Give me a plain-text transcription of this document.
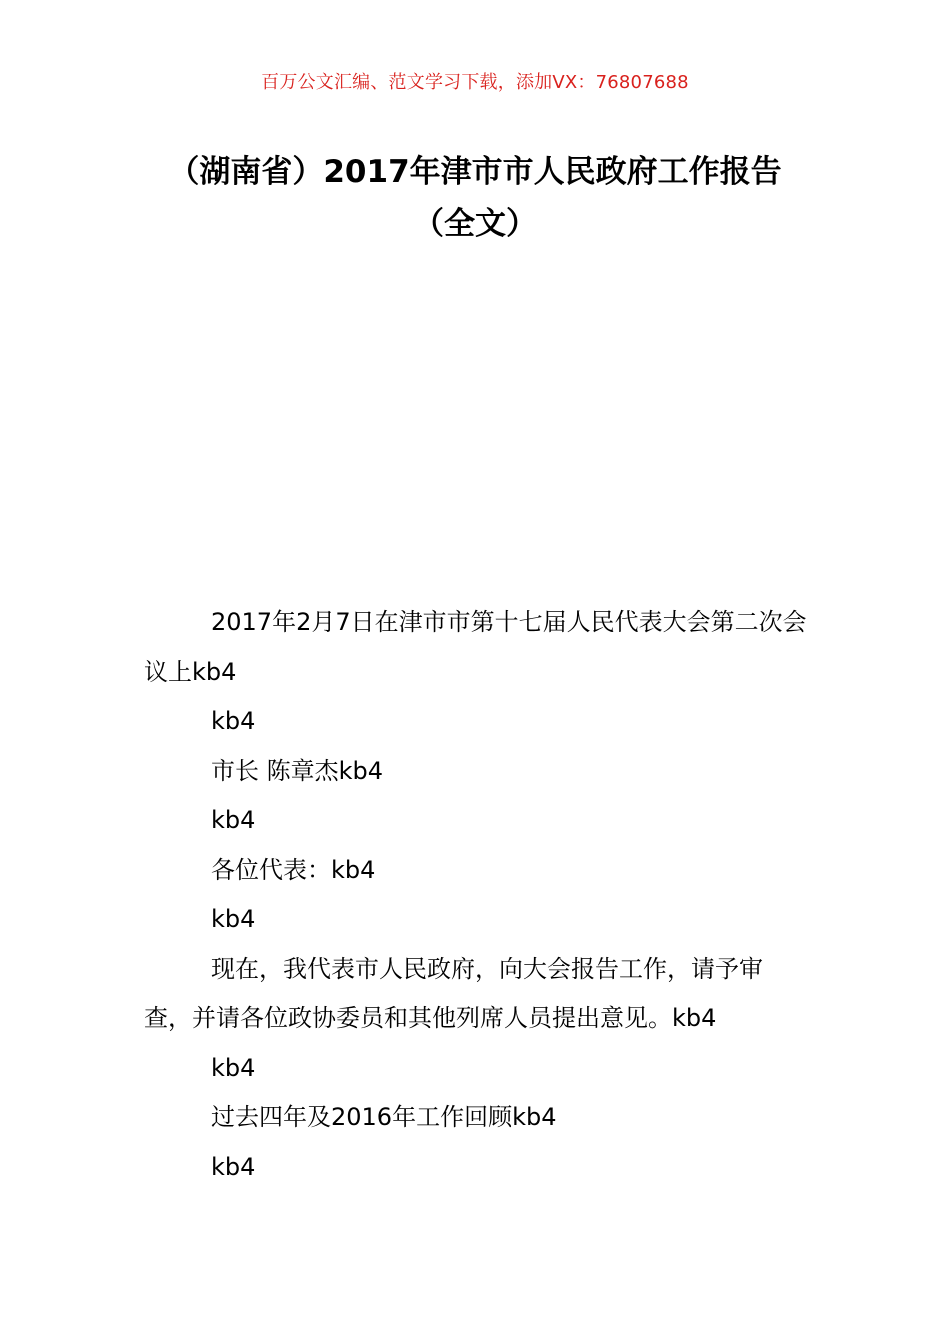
百万公文汇编、范文学习下载，添加VX：76807688
（湖南省）2017年津市市人民政府工作报告（全文）

2017年2月7日在津市市第十七届人民代表大会第二次会议上kb4

kb4

市长 陈章杰kb4

kb4

各位代表：kb4

kb4

现在，我代表市人民政府，向大会报告工作，请予审查，并请各位政协委员和其他列席人员提出意见。kb4

kb4

过去四年及2016年工作回顾kb4

kb4
